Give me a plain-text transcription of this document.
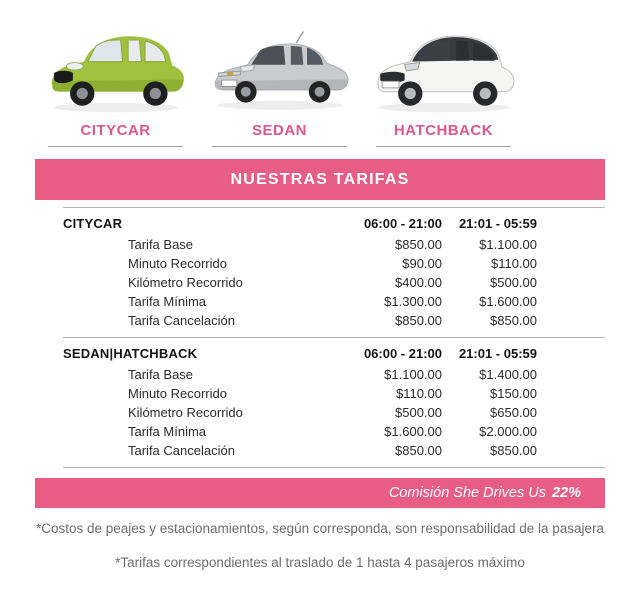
CITYCAR	SEDAN	HATCHBACK
NUESTRAS TARIFAS
CITYCAR	06:00 - 21:00	21:01 - 05:59
Tarifa Base	$850.00	$1.100.00
Minuto Recorrido	$90.00	$110.00
Kilómetro Recorrido	$400.00	$500.00
Tarifa Mínima	$1.300.00	$1.600.00
Tarifa Cancelación	$850.00	$850.00
SEDAN|HATCHBACK	06:00 - 21:00	21:01 - 05:59
Tarifa Base	$1.100.00	$1.400.00
Minuto Recorrido	$110.00	$150.00
Kilómetro Recorrido	$500.00	$650.00
Tarifa Mínima	$1.600.00	$2.000.00
Tarifa Cancelación	$850.00	$850.00
Comisión She Drives Us 22%
*Costos de peajes y estacionamientos, según corresponda, son responsabilidad de la pasajera
*Tarifas correspondientes al traslado de 1 hasta 4 pasajeros máximo
